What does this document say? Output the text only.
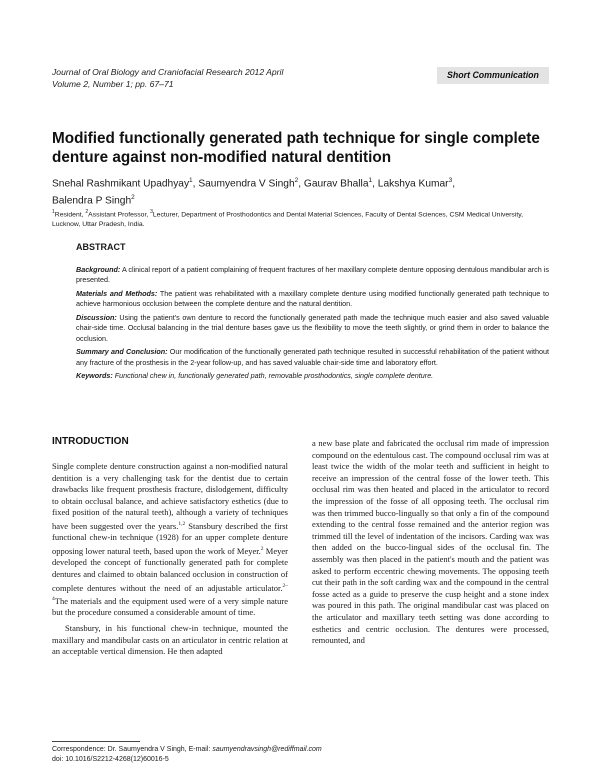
Journal of Oral Biology and Craniofacial Research 2012 April
Volume 2, Number 1; pp. 67–71
Short Communication
Modified functionally generated path technique for single complete denture against non-modified natural dentition
Snehal Rashmikant Upadhyay$^1$, Saumyendra V Singh$^2$, Gaurav Bhalla$^1$, Lakshya Kumar$^3$,
Balendra P Singh$^2$
$^1$Resident, $^2$Assistant Professor, $^3$Lecturer, Department of Prosthodontics and Dental Material Sciences, Faculty of Dental Sciences, CSM Medical University, Lucknow, Uttar Pradesh, India.
ABSTRACT

Background: A clinical report of a patient complaining of frequent fractures of her maxillary complete denture opposing dentulous mandibular arch is presented.

Materials and Methods: The patient was rehabilitated with a maxillary complete denture using modified functionally generated path technique to achieve harmonious occlusion between the complete denture and the natural dentition.

Discussion: Using the patient's own denture to record the functionally generated path made the technique much easier and also saved valuable chair-side time. Occlusal balancing in the trial denture bases gave us the flexibility to move the teeth slightly, or grind them in order to balance the occlusion.

Summary and Conclusion: Our modification of the functionally generated path technique resulted in successful rehabilitation of the patient without any fracture of the prosthesis in the 2-year follow-up, and has saved valuable chair-side time and laboratory effort.

Keywords: Functional chew in, functionally generated path, removable prosthodontics, single complete denture.

INTRODUCTION

Single complete denture construction against a non-modified natural dentition is a very challenging task for the dentist due to certain drawbacks like frequent prosthesis fracture, dislodgement, difficulty to obtain occlusal balance, and achieve satisfactory esthetics (due to fixed position of the natural teeth), although a variety of techniques have been suggested over the years.$^{1,2}$ Stansbury described the first functional chew-in technique (1928) for an upper complete denture opposing lower natural teeth, based upon the work of Meyer.$^2$ Meyer developed the concept of functionally generated path for complete dentures and claimed to obtain balanced occlusion in construction of complete dentures without the need of an adjustable articulator.$^{2-4}$The materials and the equipment used were of a very simple nature but the procedure consumed a considerable amount of time.

Stansbury, in his functional chew-in technique, mounted the maxillary and mandibular casts on an articulator in centric relation at an acceptable vertical dimension. He then adapted

a new base plate and fabricated the occlusal rim made of impression compound on the edentulous cast. The compound occlusal rim was at least twice the width of the molar teeth and sufficient in height to receive an impression of the central fosse of the lower teeth. This occlusal rim was then heated and placed in the articulator to record the impression of the fosse of all opposing teeth. The occlusal rim was then trimmed bucco-lingually so that only a fin of the compound extending to the central fosse remained and the anterior region was trimmed till the level of indentation of the incisors. Carding wax was then added on the bucco-lingual sides of the occlusal fin. The assembly was then placed in the patient's mouth and the patient was asked to perform eccentric chewing movements. The opposing teeth cut their path in the soft carding wax and the compound in the central fosse acted as a guide to preserve the cusp height and a stone index was poured in this path. The original mandibular cast was placed on the articulator and maxillary teeth setting was done according to esthetics and centric occlusion. The dentures were processed, remounted, and

Correspondence: Dr. Saumyendra V Singh, E-mail: saumyendravsingh@rediffmail.com
doi: 10.1016/S2212-4268(12)60016-5
